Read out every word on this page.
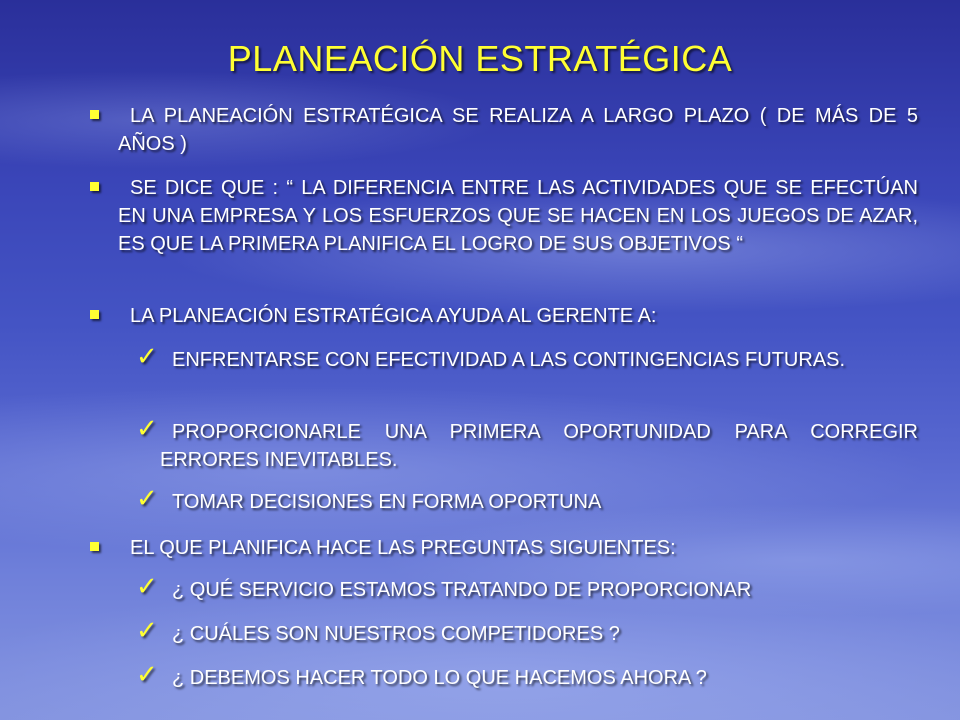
PLANEACIÓN ESTRATÉGICA
LA PLANEACIÓN ESTRATÉGICA SE REALIZA A LARGO PLAZO ( DE MÁS DE 5 AÑOS )
SE DICE QUE : “ LA DIFERENCIA ENTRE LAS ACTIVIDADES QUE SE EFECTÚAN EN UNA EMPRESA Y LOS ESFUERZOS QUE SE HACEN EN LOS JUEGOS DE AZAR, ES QUE LA PRIMERA PLANIFICA EL LOGRO DE SUS OBJETIVOS “
LA PLANEACIÓN ESTRATÉGICA AYUDA AL GERENTE A:
✓ ENFRENTARSE CON EFECTIVIDAD A LAS CONTINGENCIAS FUTURAS.
✓ PROPORCIONARLE UNA PRIMERA OPORTUNIDAD PARA CORREGIR ERRORES INEVITABLES.
✓ TOMAR DECISIONES EN FORMA OPORTUNA
EL QUE PLANIFICA HACE LAS PREGUNTAS SIGUIENTES:
✓ ¿ QUÉ SERVICIO ESTAMOS TRATANDO DE PROPORCIONAR
✓ ¿ CUÁLES SON NUESTROS COMPETIDORES ?
✓ ¿ DEBEMOS HACER TODO LO QUE HACEMOS AHORA ?
